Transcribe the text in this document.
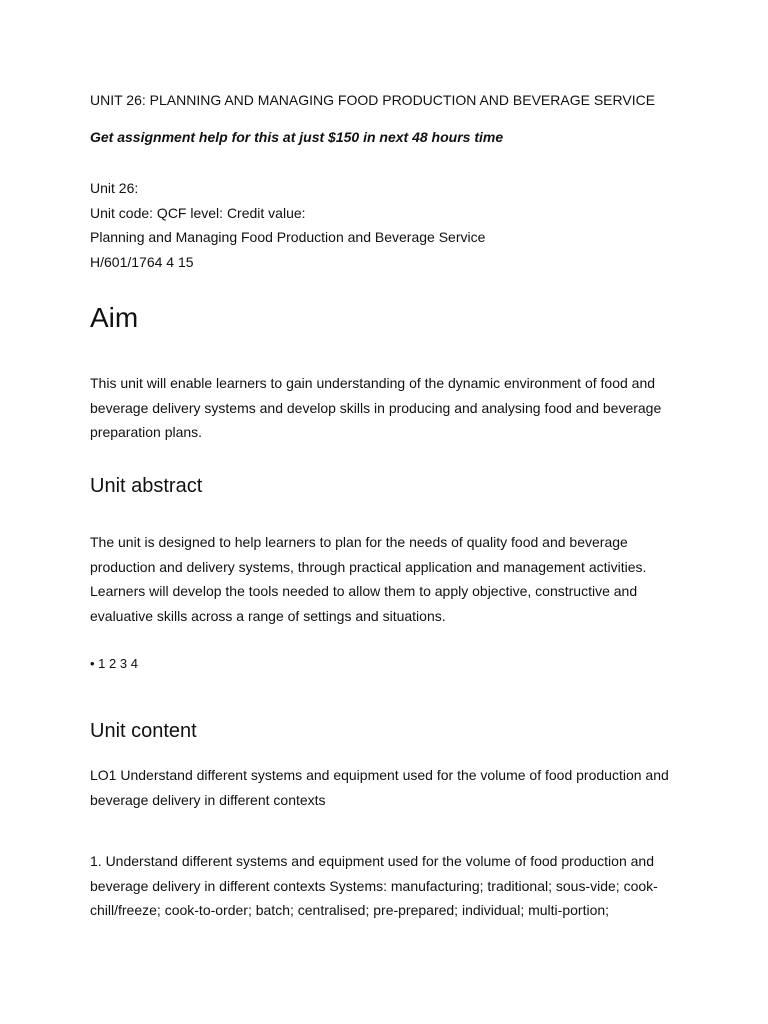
UNIT 26: PLANNING AND MANAGING FOOD PRODUCTION AND BEVERAGE SERVICE
Get assignment help for this at just $150 in next 48 hours time
Unit 26:
Unit code: QCF level: Credit value:
Planning and Managing Food Production and Beverage Service
H/601/1764 4 15
Aim
This unit will enable learners to gain understanding of the dynamic environment of food and
beverage delivery systems and develop skills in producing and analysing food and beverage
preparation plans.
Unit abstract
The unit is designed to help learners to plan for the needs of quality food and beverage
production and delivery systems, through practical application and management activities.
Learners will develop the tools needed to allow them to apply objective, constructive and
evaluative skills across a range of settings and situations.
• 1 2 3 4
Unit content
LO1 Understand different systems and equipment used for the volume of food production and
beverage delivery in different contexts
1. Understand different systems and equipment used for the volume of food production and
beverage delivery in different contexts Systems: manufacturing; traditional; sous-vide; cook-
chill/freeze; cook-to-order; batch; centralised; pre-prepared; individual; multi-portion;
